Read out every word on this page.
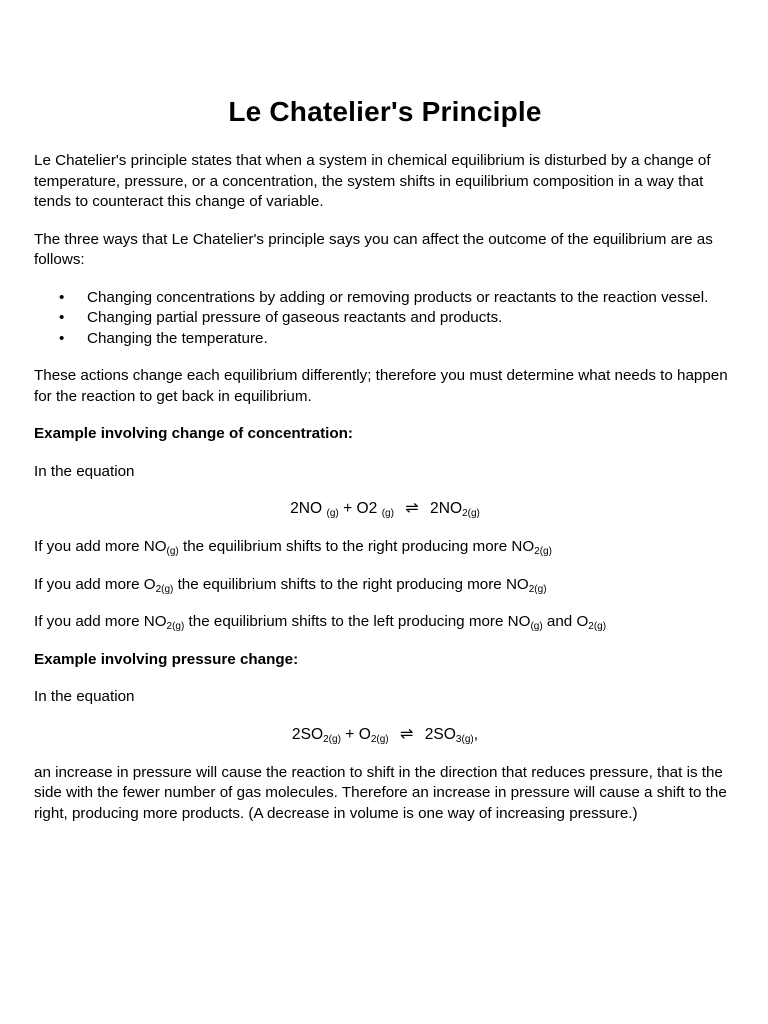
Le Chatelier's Principle

Le Chatelier's principle states that when a system in chemical equilibrium is disturbed by a change of temperature, pressure, or a concentration, the system shifts in equilibrium composition in a way that tends to counteract this change of variable.

The three ways that Le Chatelier's principle says you can affect the outcome of the equilibrium are as follows:

• Changing concentrations by adding or removing products or reactants to the reaction vessel.
• Changing partial pressure of gaseous reactants and products.
• Changing the temperature.

These actions change each equilibrium differently; therefore you must determine what needs to happen for the reaction to get back in equilibrium.

Example involving change of concentration:

In the equation

2NO $_{(g)}$ + O2 $_{(g)}$ ⇌ $2NO_{2(g)}$

If you add more $NO_{(g)}$ the equilibrium shifts to the right producing more $NO_{2(g)}$

If you add more $O_{2(g)}$ the equilibrium shifts to the right producing more $NO_{2(g)}$

If you add more $NO_{2(g)}$ the equilibrium shifts to the left producing more $NO_{(g)}$ and $O_{2(g)}$

Example involving pressure change:

In the equation

$2SO_{2(g)} + O_{2(g)}$ ⇌ $2SO_{3(g)}$,

an increase in pressure will cause the reaction to shift in the direction that reduces pressure, that is the side with the fewer number of gas molecules. Therefore an increase in pressure will cause a shift to the right, producing more products. (A decrease in volume is one way of increasing pressure.)
